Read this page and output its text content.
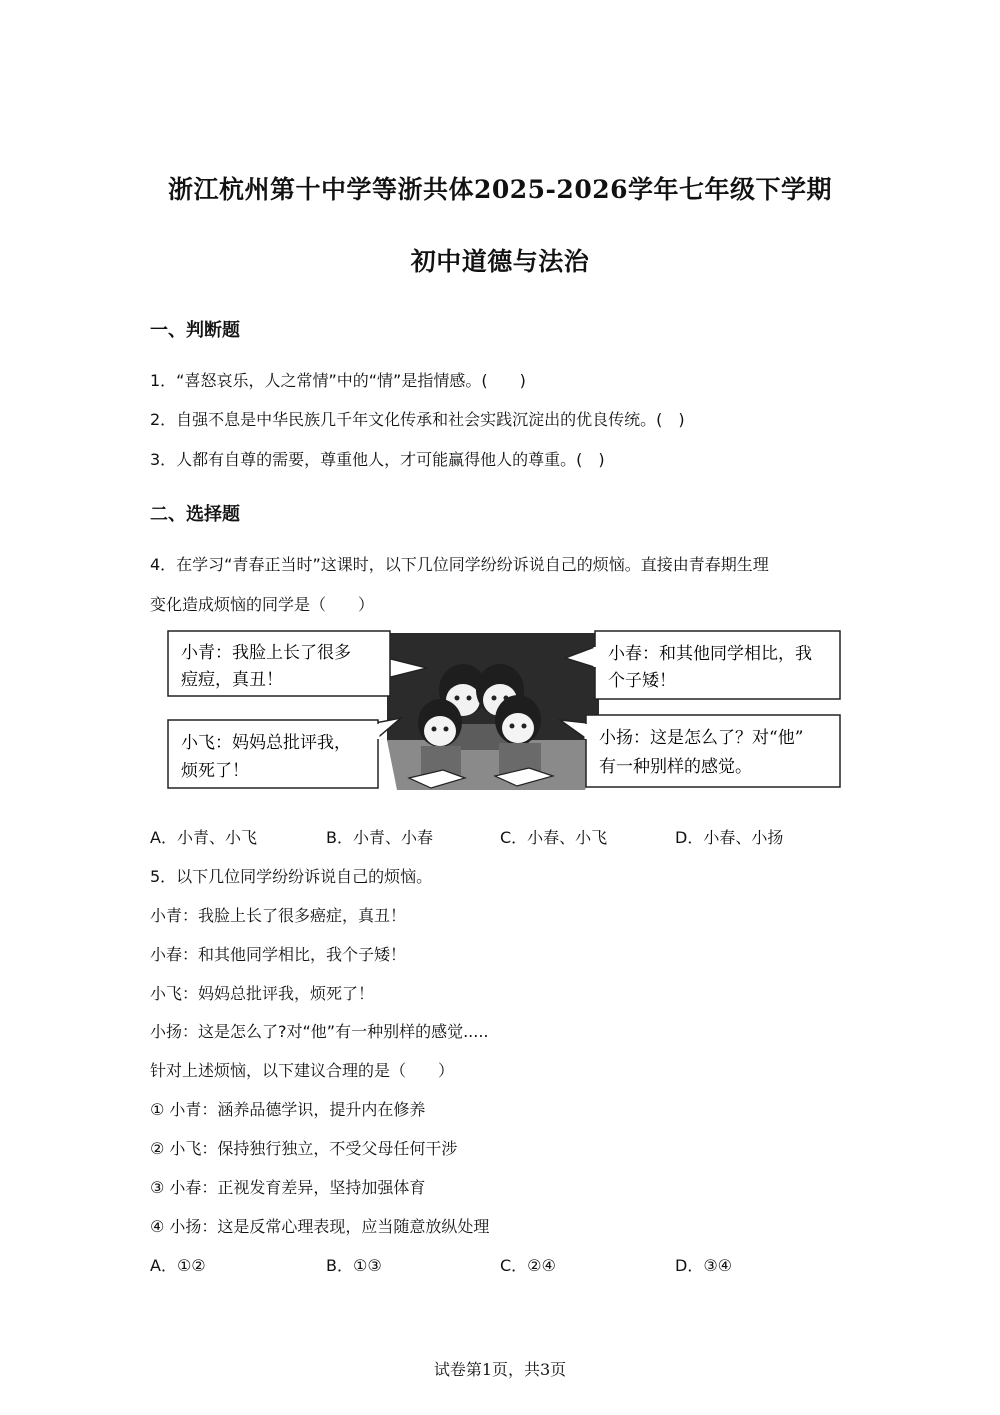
浙江杭州第十中学等浙共体2025-2026学年七年级下学期
初中道德与法治
一、判断题
1．“喜怒哀乐，人之常情”中的“情”是指情感。(　　)
2．自强不息是中华民族几千年文化传承和社会实践沉淀出的优良传统。(　)
3．人都有自尊的需要，尊重他人，才可能赢得他人的尊重。(　)
二、选择题
4．在学习“青春正当时”这课时，以下几位同学纷纷诉说自己的烦恼。直接由青春期生理
变化造成烦恼的同学是（　　）
小青：我脸上长了很多
痘痘，真丑！
小春：和其他同学相比，我
个子矮！
小飞：妈妈总批评我，
烦死了！
小扬：这是怎么了？对“他”
有一种别样的感觉。
A．小青、小飞	B．小青、小春	C．小春、小飞	D．小春、小扬
5．以下几位同学纷纷诉说自己的烦恼。
小青：我脸上长了很多癌症，真丑！
小春：和其他同学相比，我个子矮！
小飞：妈妈总批评我，烦死了！
小扬：这是怎么了?对“他”有一种别样的感觉.....
针对上述烦恼，以下建议合理的是（　　）
① 小青：涵养品德学识，提升内在修养
② 小飞：保持独行独立，不受父母任何干涉
③ 小春：正视发育差异，坚持加强体育
④ 小扬：这是反常心理表现，应当随意放纵处理
A．①②	B．①③	C．②④	D．③④
试卷第1页，共3页
